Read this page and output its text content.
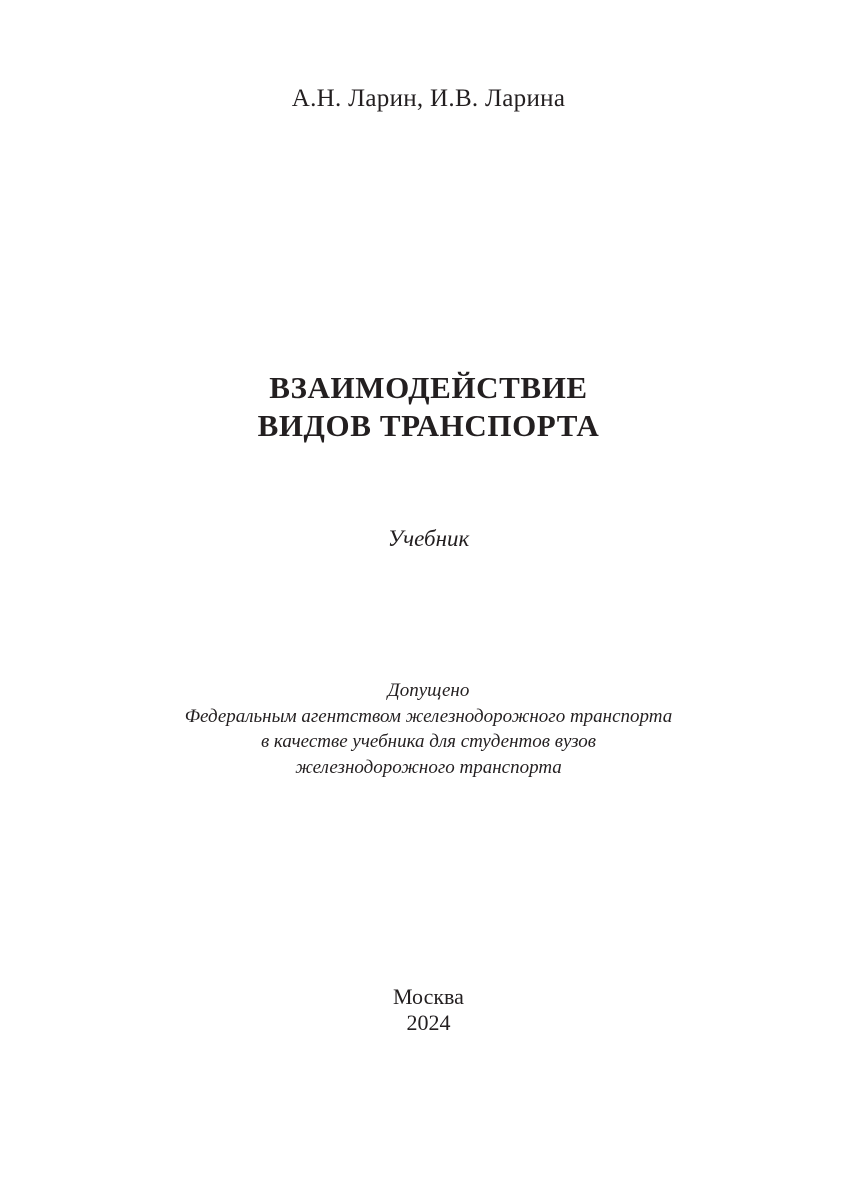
А.Н. Ларин, И.В. Ларина
ВЗАИМОДЕЙСТВИЕ
ВИДОВ ТРАНСПОРТА
Учебник
Допущено
Федеральным агентством железнодорожного транспорта
в качестве учебника для студентов вузов
железнодорожного транспорта
Москва
2024
